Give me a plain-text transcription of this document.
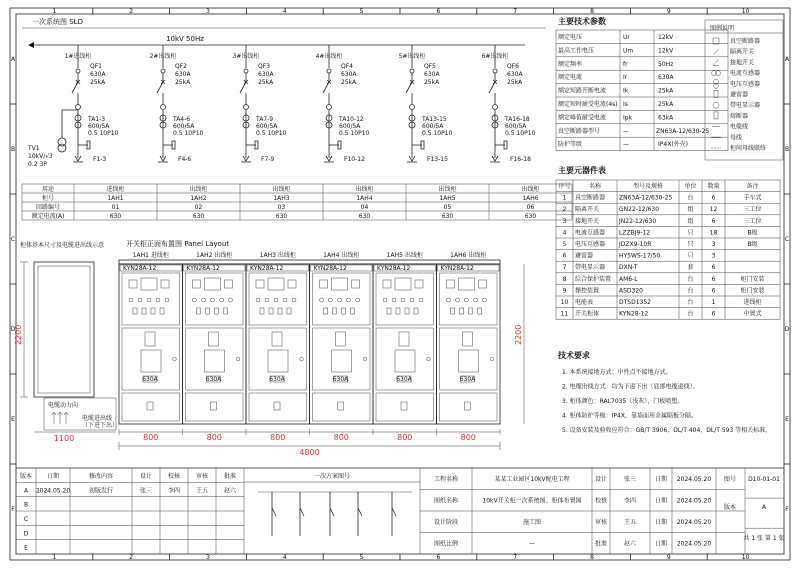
1
1
2
2
3
3
4
4
5
5
6
6
7
7
8
8
9
9
10
10
A	A
B	B
C	C
D	D
E	E
F	F
一次系统图 SLD
10kV 50Hz
1#进线柜
QF1
630A
25kA
TA1-3
600/5A
0.5 10P10
F1-3
2#出线柜
QF2
630A
25kA
TA4-6
600/5A
0.5 10P10
F4-6
3#出线柜
QF3
630A
25kA
TA7-9
600/5A
0.5 10P10
F7-9
4#出线柜
QF4
630A
25kA
TA10-12
600/5A
0.5 10P10
F10-12
5#出线柜
QF5
630A
25kA
TA13-15
600/5A
0.5 10P10
F13-15
6#出线柜
QF6
630A
25kA
TA16-18
600/5A
0.5 10P10
F16-18
TV1
10kV/√3
0.2 3P
用途	进线柜	出线柜	出线柜	出线柜	出线柜	出线柜
柜号	1AH1	1AH2	1AH3	1AH4	1AH5	1AH6
回路编号	01	02	03	04	05	06
额定电流(A)	630	630	630	630	630	630
柜体基本尺寸及电缆进出线示意	开关柜正面布置图 Panel Layout
2200
电缆动力向
1100
电缆进出线
（下进下出）
1AH1 进线柜
KYN28A-12
630A
1AH2 出线柜
KYN28A-12
630A
1AH3 出线柜
KYN28A-12
630A
1AH4 出线柜
KYN28A-12
630A
1AH5 出线柜
KYN28A-12
630A
1AH6 出线柜
KYN28A-12
630A
800	800	800	800	800	800
4800
2200
主要技术参数
额定电压	Ur	12kV
最高工作电压	Um	12kV
额定频率	fr	50Hz
额定电流	Ir	630A
额定短路开断电流	Ik	25kA
额定短时耐受电流(4s) Is	25kA
额定峰值耐受电流	Ipk	63kA
真空断路器型号	—	ZN63A-12/630-25
防护等级	—	IP4X(外壳)
图例说明
真空断路器
隔离开关
接地开关
电流互感器
电压互感器
避雷器
带电显示器
熔断器
电缆线
母线
柜间母线联络
主要元器件表
序号	名称	型号及规格	单位 数量	备注
1 真空断路器 ZN63A-12/630-25	台	6	手车式
2 隔离开关	GN22-12/630	组	12	三工位
3 接地开关	JN22-12/630	组	6	三工位
4 电流互感器 LZZBJ9-12	只	18	B级
5 电压互感器 JDZX9-10R	只	3	B级
6 避雷器	HY5WS-17/50	只	3
7 带电显示器 DXN-T	套	6
8 综合保护装置 AM6-L	台	6	柜门安装
9 操控装置	ASD320	台	6	柜门安装
10 电能表	DTSD1352	台	1	进线柜
11 开关柜体	KYN28-12	台	6	中置式
技术要求
1. 本系统接地方式：中性点不接地方式。
2. 电缆出线方式：均为下进下出（底部电缆进线）。
3. 柜体颜色：RAL7035（浅灰），门板喷塑。
4. 柜体防护等级：IP4X，靠墙面用金属隔板分隔。
5. 设备安装及验收应符合：GB/T 3906、DL/T 404、DL/T 593 等相关标准。
版本 日期	修改内容	设计	校核	审核	批准
A 2024.05.20	初版发行	张三	李四	王五	赵六
B
C
D
E
一次方案图号	工程名称	某某工业园区10kV配电工程
图纸名称	10kV开关柜一次系统图、柜体布置图
设计阶段	施工图
图纸比例	—
设计	张三	日期 2024.05.20
校核	李四	日期 2024.05.20
审核	王五	日期 2024.05.20
批准	赵六	日期 2024.05.20
图号 D10-01-01
版本	A
共 1 张 第 1 张
